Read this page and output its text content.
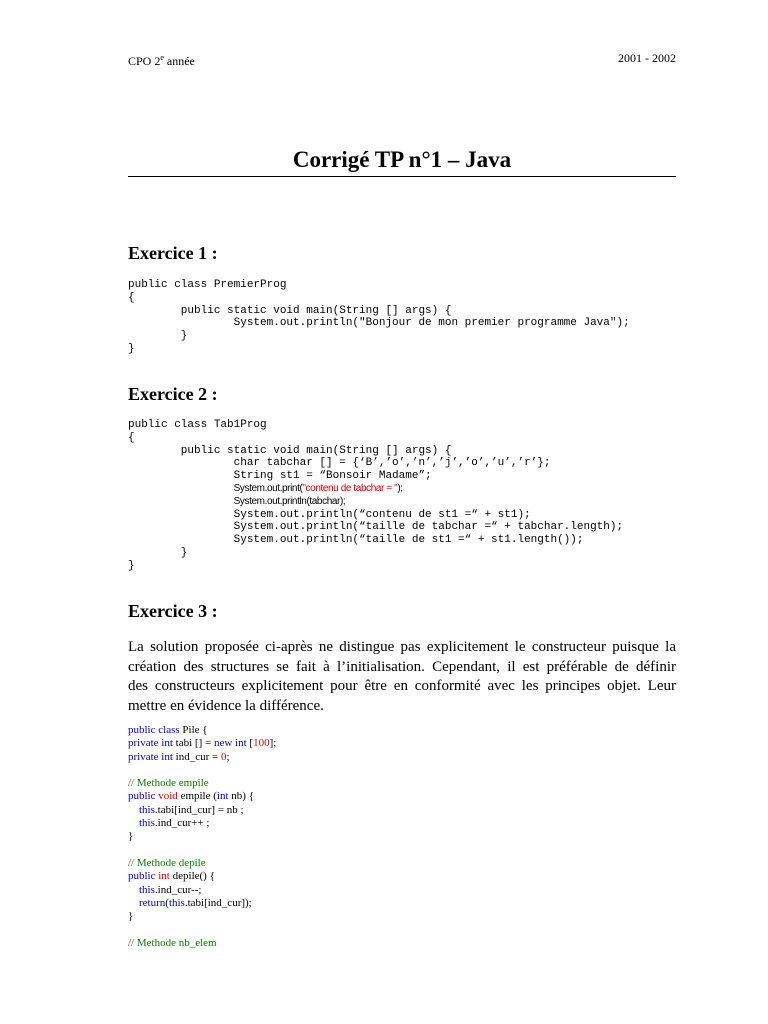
CPO 2e année	2001 - 2002
Corrigé TP n°1 – Java
Exercice 1 :
public class PremierProg
{
public static void main(String [] args) {
System.out.println("Bonjour de mon premier programme Java");
}
}
Exercice 2 :
public class Tab1Prog
{
public static void main(String [] args) {
char tabchar [] = {‘B’,’o’,’n’,’j’,’o’,’u’,’r’};
String st1 = “Bonsoir Madame”;
System.out.print("contenu de tabchar = ");
System.out.println(tabchar);
System.out.println(“contenu de st1 =“ + st1);
System.out.println(“taille de tabchar =“ + tabchar.length);
System.out.println(“taille de st1 =“ + st1.length());
}
}
Exercice 3 :

La solution proposée ci-après ne distingue pas explicitement le constructeur puisque la
création des structures se fait à l’initialisation. Cependant, il est préférable de définir
des constructeurs explicitement pour être en conformité avec les principes objet. Leur
mettre en évidence la différence.

public class Pile {
private int tabi [] = new int [100];
private int ind_cur = 0;

// Methode empile
public void empile (int nb) {
this.tabi[ind_cur] = nb ;
this.ind_cur++ ;
}

// Methode depile
public int depile() {
this.ind_cur--;
return(this.tabi[ind_cur]);
}

// Methode nb_elem
